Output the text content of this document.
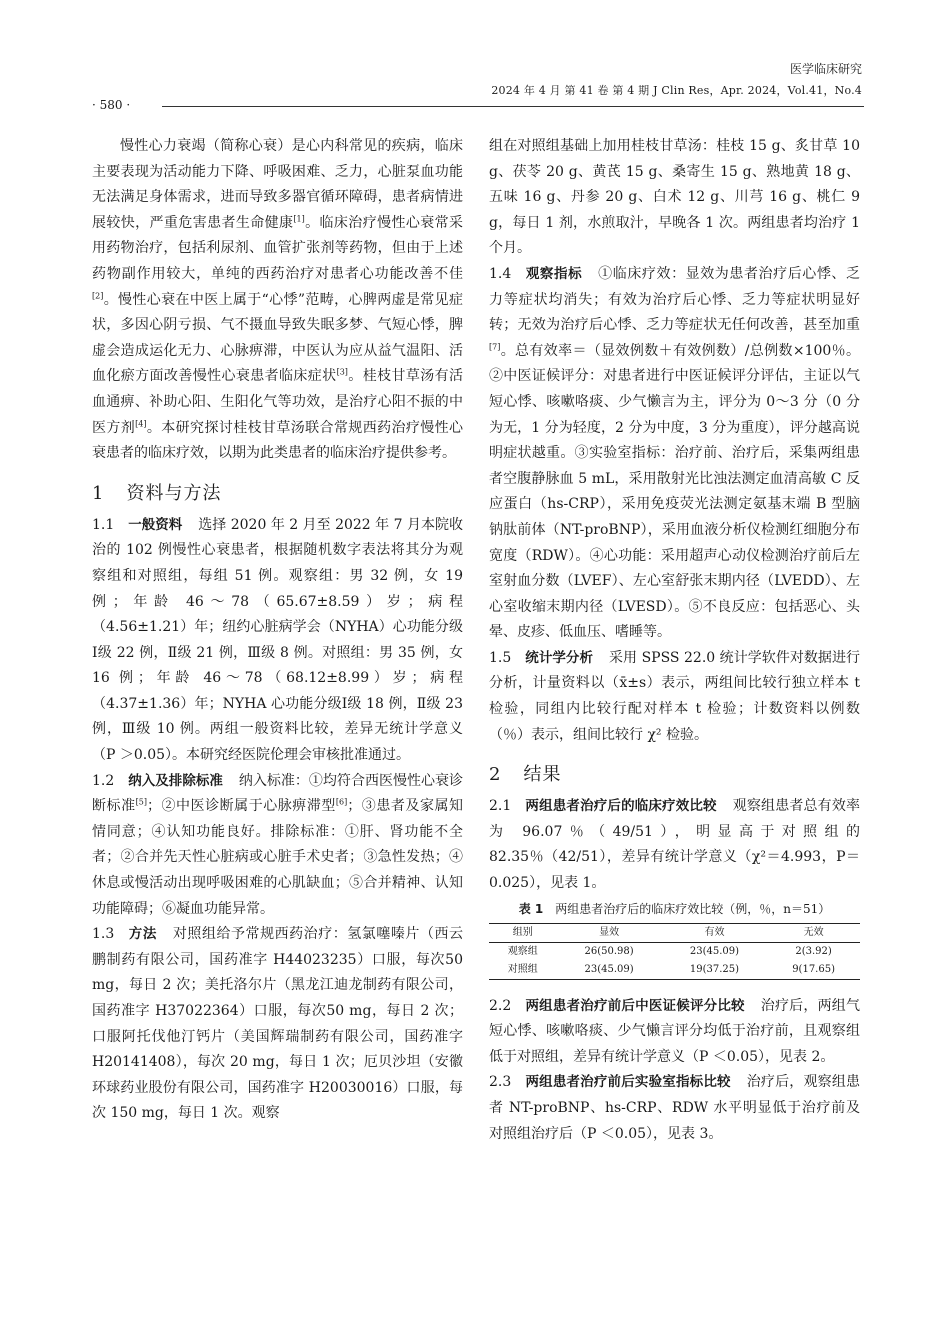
医学临床研究
2024 年 4 月 第 41 卷 第 4 期 J Clin Res，Apr. 2024，Vol.41，No.4
· 580 ·

慢性心力衰竭（简称心衰）是心内科常见的疾病，临床主要表现为活动能力下降、呼吸困难、乏力，心脏泵血功能无法满足身体需求，进而导致多器官循环障碍，患者病情进展较快，严重危害患者生命健康[1]。临床治疗慢性心衰常采用药物治疗，包括利尿剂、血管扩张剂等药物，但由于上述药物副作用较大，单纯的西药治疗对患者心功能改善不佳[2]。慢性心衰在中医上属于“心悸”范畴，心脾两虚是常见症状，多因心阴亏损、气不摄血导致失眠多梦、气短心悸，脾虚会造成运化无力、心脉痹滞，中医认为应从益气温阳、活血化瘀方面改善慢性心衰患者临床症状[3]。桂枝甘草汤有活血通痹、补助心阳、生阳化气等功效，是治疗心阳不振的中医方剂[4]。本研究探讨桂枝甘草汤联合常规西药治疗慢性心衰患者的临床疗效，以期为此类患者的临床治疗提供参考。

1 资料与方法

1.1 一般资料 选择 2020 年 2 月至 2022 年 7 月本院收治的 102 例慢性心衰患者，根据随机数字表法将其分为观察组和对照组，每组 51 例。观察组：男 32 例，女 19 例；年龄 46～78（65.67±8.59）岁；病程（4.56±1.21）年；纽约心脏病学会（NYHA）心功能分级Ⅰ级 22 例，Ⅱ级 21 例，Ⅲ级 8 例。对照组：男 35 例，女 16 例；年龄 46～78（68.12±8.99）岁；病程（4.37±1.36）年；NYHA 心功能分级Ⅰ级 18 例，Ⅱ级 23 例，Ⅲ级 10 例。两组一般资料比较，差异无统计学意义（P ＞0.05）。本研究经医院伦理会审核批准通过。

1.2 纳入及排除标准 纳入标准：①均符合西医慢性心衰诊断标准[5]；②中医诊断属于心脉痹滞型[6]；③患者及家属知情同意；④认知功能良好。排除标准：①肝、肾功能不全者；②合并先天性心脏病或心脏手术史者；③急性发热；④休息或慢活动出现呼吸困难的心肌缺血；⑤合并精神、认知功能障碍；⑥凝血功能异常。

1.3 方法 对照组给予常规西药治疗：氢氯噻嗪片（西云鹏制药有限公司，国药准字 H44023235）口服，每次50 mg，每日 2 次；美托洛尔片（黑龙江迪龙制药有限公司，国药准字 H37022364）口服，每次50 mg，每日 2 次；口服阿托伐他汀钙片（美国辉瑞制药有限公司，国药准字 H20141408），每次 20 mg，每日 1 次；厄贝沙坦（安徽环球药业股份有限公司，国药准字 H20030016）口服，每次 150 mg，每日 1 次。观察

组在对照组基础上加用桂枝甘草汤：桂枝 15 g、炙甘草 10 g、茯苓 20 g、黄芪 15 g、桑寄生 15 g、熟地黄 18 g、五味 16 g、丹参 20 g、白术 12 g、川芎 16 g、桃仁 9 g，每日 1 剂，水煎取汁，早晚各 1 次。两组患者均治疗 1 个月。

1.4 观察指标 ①临床疗效：显效为患者治疗后心悸、乏力等症状均消失；有效为治疗后心悸、乏力等症状明显好转；无效为治疗后心悸、乏力等症状无任何改善，甚至加重[7]。总有效率＝（显效例数＋有效例数）/总例数×100％。②中医证候评分：对患者进行中医证候评分评估，主证以气短心悸、咳嗽咯痰、少气懒言为主，评分为 0～3 分（0 分为无，1 分为轻度，2 分为中度，3 分为重度），评分越高说明症状越重。③实验室指标：治疗前、治疗后，采集两组患者空腹静脉血 5 mL，采用散射光比浊法测定血清高敏 C 反应蛋白（hs-CRP），采用免疫荧光法测定氨基末端 B 型脑钠肽前体（NT-proBNP），采用血液分析仪检测红细胞分布宽度（RDW）。④心功能：采用超声心动仪检测治疗前后左室射血分数（LVEF）、左心室舒张末期内径（LVEDD）、左心室收缩末期内径（LVESD）。⑤不良反应：包括恶心、头晕、皮疹、低血压、嗜睡等。

1.5 统计学分析 采用 SPSS 22.0 统计学软件对数据进行分析，计量资料以（x̄±s）表示，两组间比较行独立样本 t 检验，同组内比较行配对样本 t 检验；计数资料以例数（％）表示，组间比较行 χ² 检验。

2 结果

2.1 两组患者治疗后的临床疗效比较 观察组患者总有效率为 96.07％（49/51），明显高于对照组的 82.35％（42/51），差异有统计学意义（χ²＝4.993，P＝0.025），见表 1。

表 1 两组患者治疗后的临床疗效比较（例，％，n＝51）
组别	显效	有效	无效
观察组	26(50.98)	23(45.09)	2(3.92)
对照组	23(45.09)	19(37.25)	9(17.65)

2.2 两组患者治疗前后中医证候评分比较 治疗后，两组气短心悸、咳嗽咯痰、少气懒言评分均低于治疗前，且观察组低于对照组，差异有统计学意义（P ＜0.05），见表 2。

2.3 两组患者治疗前后实验室指标比较 治疗后，观察组患者 NT-proBNP、hs-CRP、RDW 水平明显低于治疗前及对照组治疗后（P ＜0.05），见表 3。
